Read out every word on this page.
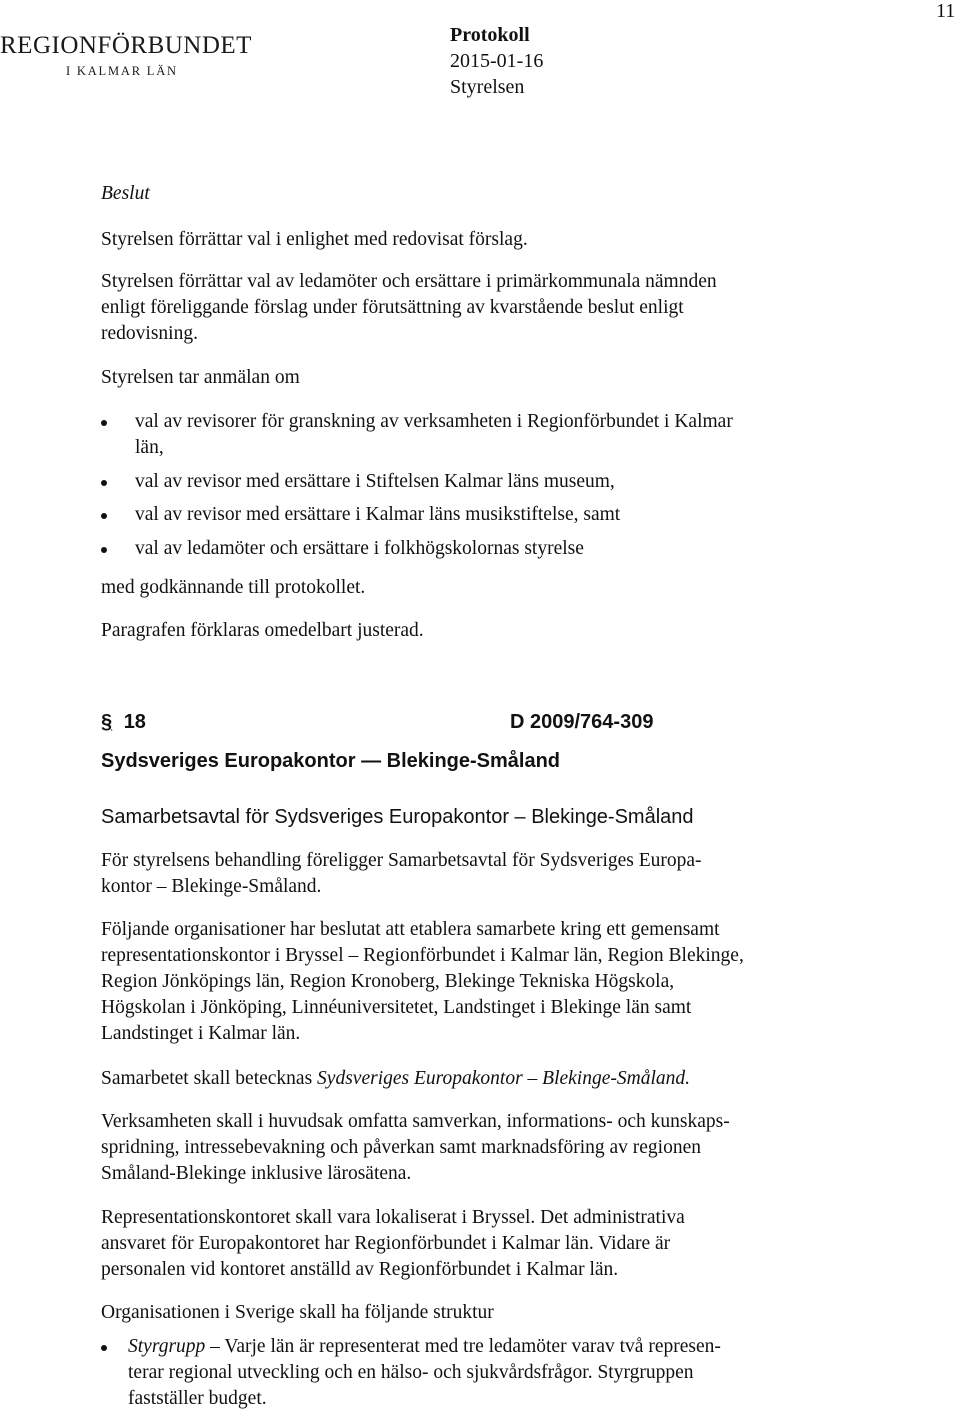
11
REGIONFÖRBUNDET
I KALMAR LÄN
Protokoll
2015-01-16
Styrelsen

Beslut

Styrelsen förrättar val i enlighet med redovisat förslag.

Styrelsen förrättar val av ledamöter och ersättare i primärkommunala nämnden

enligt föreliggande förslag under förutsättning av kvarstående beslut enligt

redovisning.

Styrelsen tar anmälan om

val av revisorer för granskning av verksamheten i Regionförbundet i Kalmar
län,
val av revisor med ersättare i Stiftelsen Kalmar läns museum,
val av revisor med ersättare i Kalmar läns musikstiftelse, samt
val av ledamöter och ersättare i folkhögskolornas styrelse

med godkännande till protokollet.

Paragrafen förklaras omedelbart justerad.

§ 18	D 2009/764-309
Sydsveriges Europakontor — Blekinge-Småland
Samarbetsavtal för Sydsveriges Europakontor – Blekinge-Småland

För styrelsens behandling föreligger Samarbetsavtal för Sydsveriges Europa-

kontor – Blekinge-Småland.

Följande organisationer har beslutat att etablera samarbete kring ett gemensamt

representationskontor i Bryssel – Regionförbundet i Kalmar län, Region Blekinge,

Region Jönköpings län, Region Kronoberg, Blekinge Tekniska Högskola,

Högskolan i Jönköping, Linnéuniversitetet, Landstinget i Blekinge län samt

Landstinget i Kalmar län.

Samarbetet skall betecknas Sydsveriges Europakontor – Blekinge-Småland.

Verksamheten skall i huvudsak omfatta samverkan, informations- och kunskaps-

spridning, intressebevakning och påverkan samt marknadsföring av regionen

Småland-Blekinge inklusive lärosätena.

Representationskontoret skall vara lokaliserat i Bryssel. Det administrativa

ansvaret för Europakontoret har Regionförbundet i Kalmar län. Vidare är

personalen vid kontoret anställd av Regionförbundet i Kalmar län.

Organisationen i Sverige skall ha följande struktur

Styrgrupp – Varje län är representerat med tre ledamöter varav två represen-
terar regional utveckling och en hälso- och sjukvårdsfrågor. Styrgruppen
fastställer budget.
